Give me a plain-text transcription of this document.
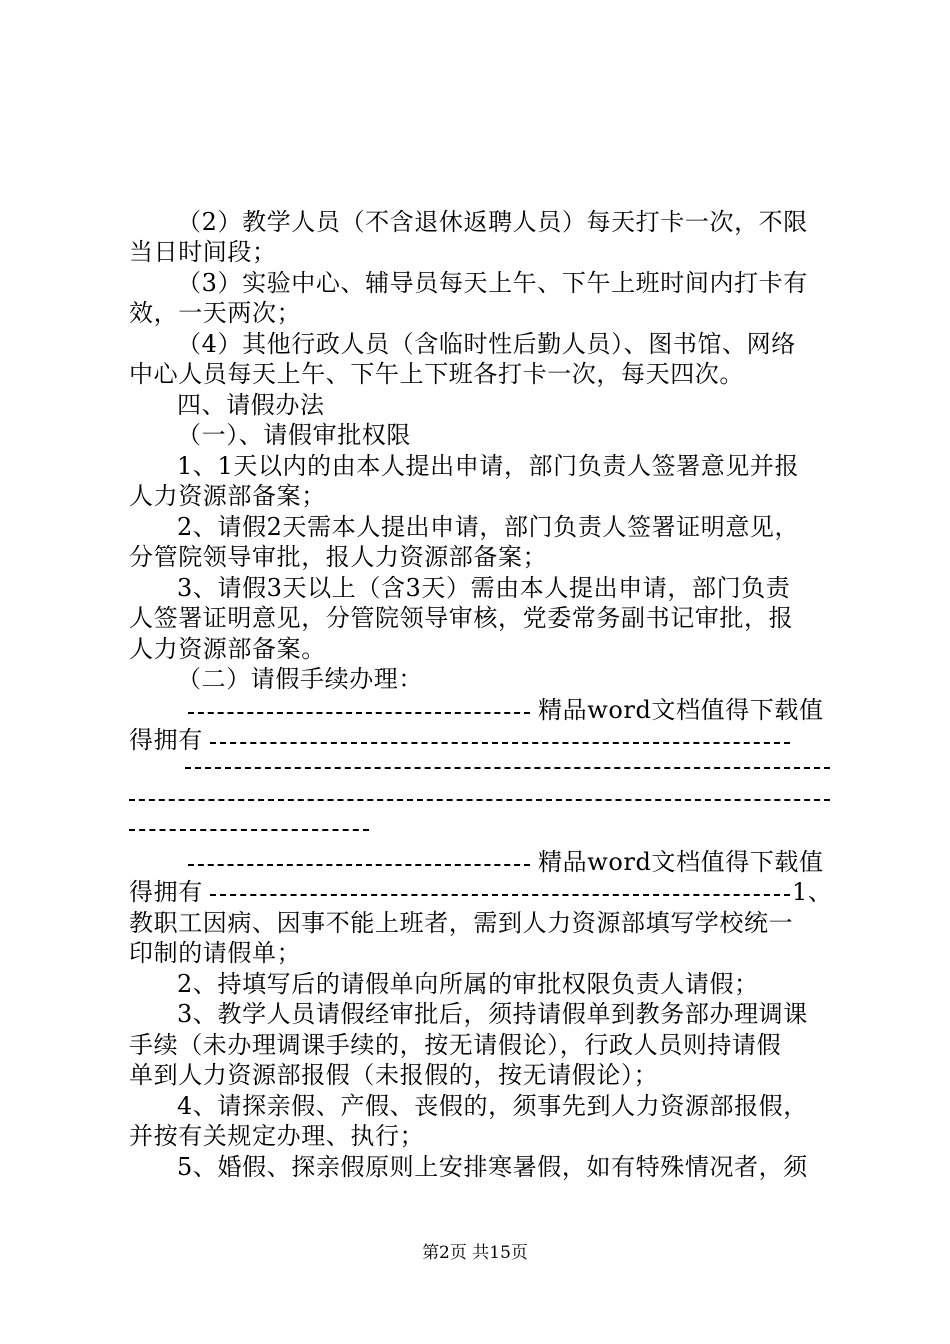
（2）教学人员（不含退休返聘人员）每天打卡一次，不限

当日时间段；

（3）实验中心、辅导员每天上午、下午上班时间内打卡有

效，一天两次；

（4）其他行政人员（含临时性后勤人员）、图书馆、网络

中心人员每天上午、下午上下班各打卡一次，每天四次。

四、请假办法

（一）、请假审批权限

1、1天以内的由本人提出申请，部门负责人签署意见并报

人力资源部备案；

2、请假2天需本人提出申请，部门负责人签署证明意见，

分管院领导审批，报人力资源部备案；

3、请假3天以上（含3天）需由本人提出申请，部门负责

人签署证明意见，分管院领导审核，党委常务副书记审批，报

人力资源部备案。

（二）请假手续办理：

精品word文档值得下载值

得拥有

精品word文档值得下载值

得拥有	1、

教职工因病、因事不能上班者，需到人力资源部填写学校统一

印制的请假单；

2、持填写后的请假单向所属的审批权限负责人请假；

3、教学人员请假经审批后，须持请假单到教务部办理调课

手续（未办理调课手续的，按无请假论），行政人员则持请假

单到人力资源部报假（未报假的，按无请假论）；

4、请探亲假、产假、丧假的，须事先到人力资源部报假，

并按有关规定办理、执行；

5、婚假、探亲假原则上安排寒暑假，如有特殊情况者，须

第2页 共15页
